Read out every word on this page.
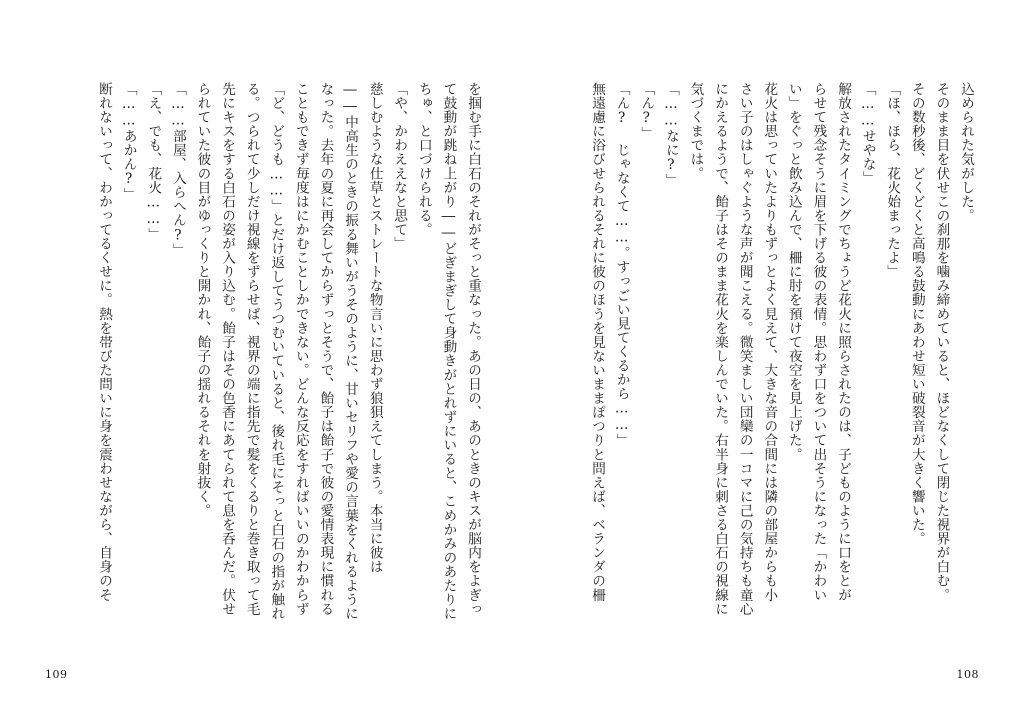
を掴む手に白石のそれがそっと重なった。あの日の、あのときのキスが脳内をよぎっ

て鼓動が跳ね上がり――どぎまぎして身動きがとれずにいると、こめかみのあたりに

ちゅ、と口づけられる。

「や、かわええなと思て」

慈しむような仕草とストレートな物言いに思わず狼狽えてしまう。本当に彼は

――中高生のときの振る舞いがうそのように、甘いセリフや愛の言葉をくれるように

なった。去年の夏に再会してからずっとそうで、飴子は飴子で彼の愛情表現に慣れる

こともできず毎度はにかむことしかできない。どんな反応をすればいいのかわからず

「ど、どうも……」とだけ返してうつむいていると、後れ毛にそっと白石の指が触れ

る。つられて少しだけ視線をずらせば、視界の端に指先で髪をくるりと巻き取って毛

先にキスをする白石の姿が入り込む。飴子はその色香にあてられて息を呑んだ。伏せ

られていた彼の目がゆっくりと開かれ、飴子の揺れるそれを射抜く。

「……部屋、入らへん?」

「え、でも、花火……」

「……あかん?」

断れないって、わかってるくせに。熱を帯びた問いに身を震わせながら、自身のそ

109

込められた気がした。

そのまま目を伏せこの刹那を噛み締めていると、ほどなくして閉じた視界が白む。

その数秒後、どくどくと高鳴る鼓動にあわせ短い破裂音が大きく響いた。

「ほ、ほら、花火始まったよ」

「……せやな」

解放されたタイミングでちょうど花火に照らされたのは、子どものように口をとが

らせて残念そうに眉を下げる彼の表情。思わず口をついて出そうになった「かわい

い」をぐっと飲み込んで、柵に肘を預けて夜空を見上げた。

花火は思っていたよりもずっとよく見えて、大きな音の合間には隣の部屋からも小

さい子のはしゃぐような声が聞こえる。微笑ましい団欒の一コマに己の気持ちも童心

にかえるようで、飴子はそのまま花火を楽しんでいた。右半身に刺さる白石の視線に

気づくまでは。

「……なに?」

「ん?」

「ん? じゃなくて……。すっごい見てくるから……」

無遠慮に浴びせられるそれに彼のほうを見ないままぽつりと問えば、ベランダの柵

108
